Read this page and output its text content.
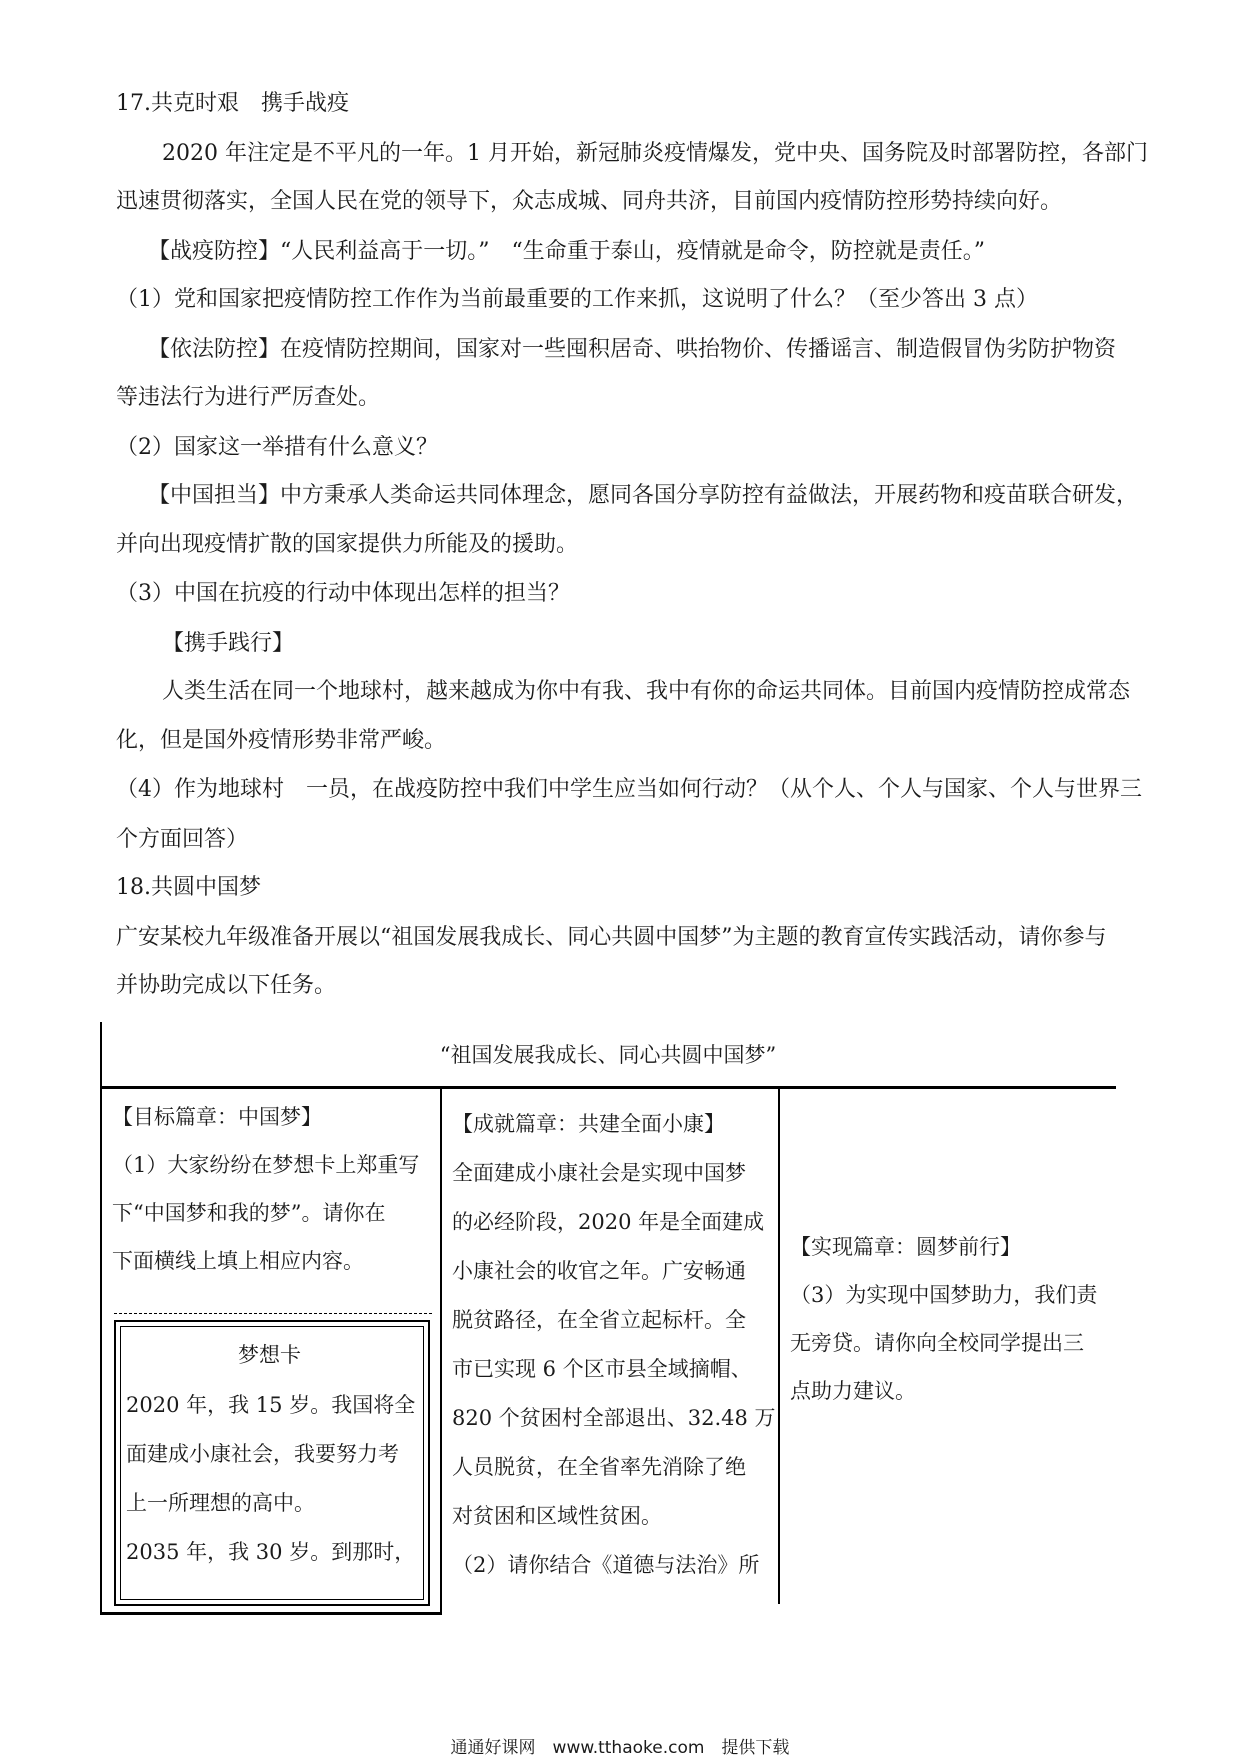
17.共克时艰　携手战疫
2020 年注定是不平凡的一年。1 月开始，新冠肺炎疫情爆发，党中央、国务院及时部署防控，各部门
迅速贯彻落实，全国人民在党的领导下，众志成城、同舟共济，目前国内疫情防控形势持续向好。
【战疫防控】“人民利益高于一切。”　“生命重于泰山，疫情就是命令，防控就是责任。”
（1）党和国家把疫情防控工作作为当前最重要的工作来抓，这说明了什么？（至少答出 3 点）
【依法防控】在疫情防控期间，国家对一些囤积居奇、哄抬物价、传播谣言、制造假冒伪劣防护物资
等违法行为进行严厉查处。
（2）国家这一举措有什么意义？
【中国担当】中方秉承人类命运共同体理念，愿同各国分享防控有益做法，开展药物和疫苗联合研发，
并向出现疫情扩散的国家提供力所能及的援助。
（3）中国在抗疫的行动中体现出怎样的担当？
【携手践行】
人类生活在同一个地球村，越来越成为你中有我、我中有你的命运共同体。目前国内疫情防控成常态
化，但是国外疫情形势非常严峻。
（4）作为地球村　一员，在战疫防控中我们中学生应当如何行动？（从个人、个人与国家、个人与世界三
个方面回答）
18.共圆中国梦
广安某校九年级准备开展以“祖国发展我成长、同心共圆中国梦”为主题的教育宣传实践活动，请你参与
并协助完成以下任务。
“祖国发展我成长、同心共圆中国梦”
【目标篇章：中国梦】
（1）大家纷纷在梦想卡上郑重写
下“中国梦和我的梦”。请你在
下面横线上填上相应内容。
梦想卡
2020 年，我 15 岁。我国将全
面建成小康社会，我要努力考
上一所理想的高中。
2035 年，我 30 岁。到那时，
【成就篇章：共建全面小康】
全面建成小康社会是实现中国梦
的必经阶段，2020 年是全面建成
小康社会的收官之年。广安畅通
脱贫路径，在全省立起标杆。全
市已实现 6 个区市县全域摘帽、
820 个贫困村全部退出、32.48 万
人员脱贫，在全省率先消除了绝
对贫困和区域性贫困。
（2）请你结合《道德与法治》所
【实现篇章：圆梦前行】
（3）为实现中国梦助力，我们责
无旁贷。请你向全校同学提出三
点助力建议。
通通好课网　www.tthaoke.com　提供下载
